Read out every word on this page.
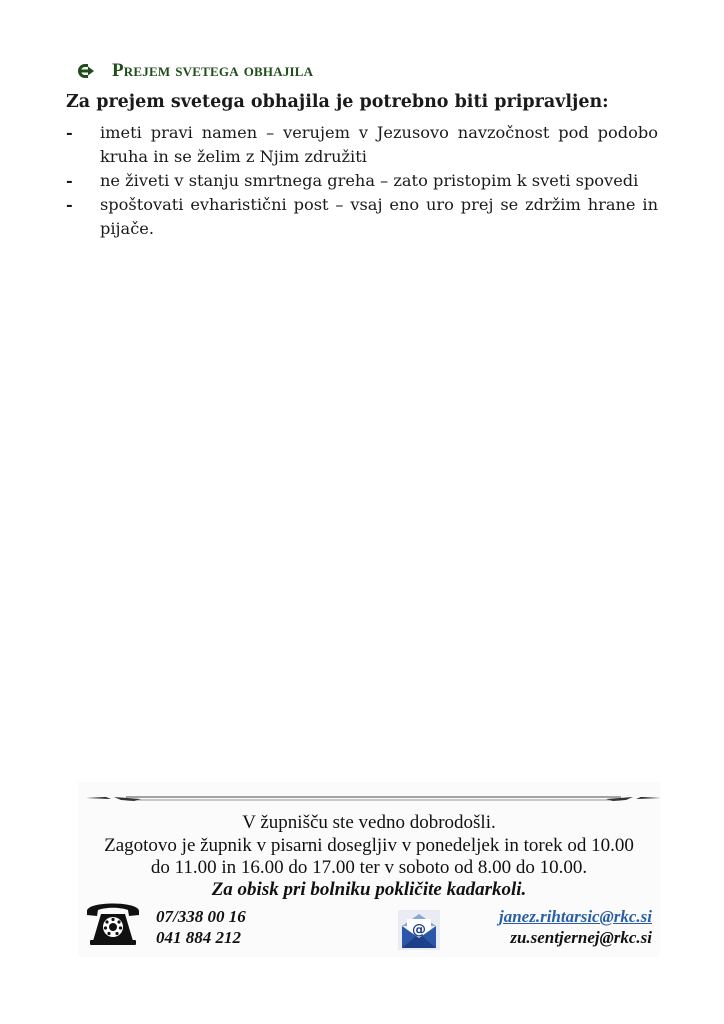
Prejem svetega obhajila
Za prejem svetega obhajila je potrebno biti pripravljen:
-	imeti pravi namen – verujem v Jezusovo navzočnost pod podobo kruha in se želim z Njim združiti
-	ne živeti v stanju smrtnega greha – zato pristopim k sveti spovedi
-	spoštovati evharistični post – vsaj eno uro prej se zdržim hrane in pijače.
V župnišču ste vedno dobrodošli.
Zagotovo je župnik v pisarni dosegljiv v ponedeljek in torek od 10.00
do 11.00 in 16.00 do 17.00 ter v soboto od 8.00 do 10.00.
Za obisk pri bolniku pokličite kadarkoli.
07/338 00 16
041 884 212	@
janez.rihtarsic@rkc.si
zu.sentjernej@rkc.si
